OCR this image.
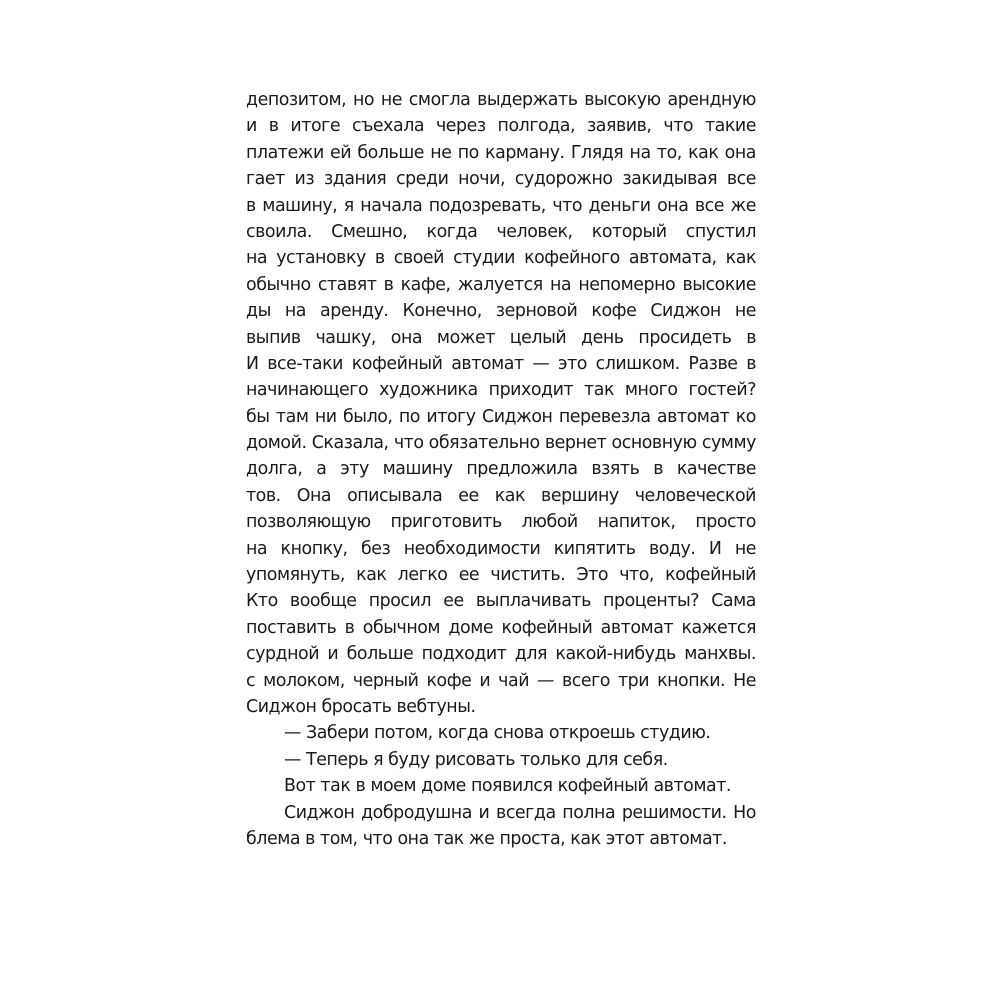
депозитом, но не смогла выдержать высокую арендную
и в итоге съехала через полгода, заявив, что такие
платежи ей больше не по карману. Глядя на то, как она
гает из здания среди ночи, судорожно закидывая все
в машину, я начала подозревать, что деньги она все же
своила. Смешно, когда человек, который спустил
на установку в своей студии кофейного автомата, как
обычно ставят в кафе, жалуется на непомерно высокие
ды на аренду. Конечно, зерновой кофе Сиджон не
выпив чашку, она может целый день просидеть в
И все-таки кофейный автомат — это слишком. Разве в
начинающего художника приходит так много гостей?
бы там ни было, по итогу Сиджон перевезла автомат ко
домой. Сказала, что обязательно вернет основную сумму
долга, а эту машину предложила взять в качестве
тов. Она описывала ее как вершину человеческой
позволяющую приготовить любой напиток, просто
на кнопку, без необходимости кипятить воду. И не
упомянуть, как легко ее чистить. Это что, кофейный
Кто вообще просил ее выплачивать проценты? Сама
поставить в обычном доме кофейный автомат кажется
сурдной и больше подходит для какой-нибудь манхвы.
с молоком, черный кофе и чай — всего три кнопки. Не
Сиджон бросать вебтуны.
— Забери потом, когда снова откроешь студию.
— Теперь я буду рисовать только для себя.
Вот так в моем доме появился кофейный автомат.
Сиджон добродушна и всегда полна решимости. Но
блема в том, что она так же проста, как этот автомат.
